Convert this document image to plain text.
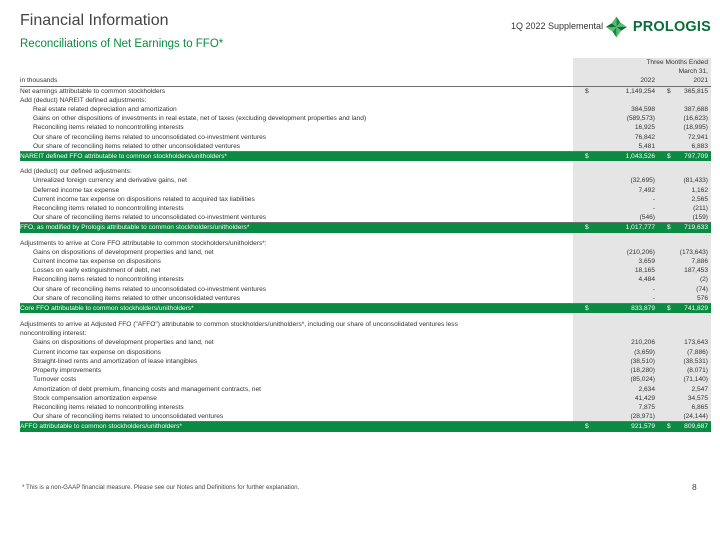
Financial Information
Reconciliations of Net Earnings to FFO*
1Q 2022 Supplemental PROLOGIS
	Three Months Ended		
	March 31,		
in thousands	2022		2021
Net earnings attributable to common stockholders	$ 1,149,254		$ 365,815

Add (deduct) NAREIT defined adjustments:			
Real estate related depreciation and amortization	384,598		387,688
Gains on other dispositions of investments in real estate, net of taxes (excluding development properties and land)	(589,573)		(16,623)
Reconciling items related to noncontrolling interests	16,925		(18,995)
Our share of reconciling items related to unconsolidated co-investment ventures	76,842		72,941
Our share of reconciling items related to other unconsolidated ventures	5,481		6,883
NAREIT defined FFO attributable to common stockholders/unitholders*	$ 1,043,526		$ 797,709

Add (deduct) our defined adjustments:			
Unrealized foreign currency and derivative gains, net	(32,695)		(81,433)
Deferred income tax expense	7,492		1,162
Current income tax expense on dispositions related to acquired tax liabilities	-		2,565
Reconciling items related to noncontrolling interests	-		(211)
Our share of reconciling items related to unconsolidated co-investment ventures	(546)		(159)
FFO, as modified by Prologis attributable to common stockholders/unitholders*	$ 1,017,777		$ 719,633

Adjustments to arrive at Core FFO attributable to common stockholders/unitholders*:			
Gains on dispositions of development properties and land, net	(210,206)		(173,643)
Current income tax expense on dispositions	3,659		7,886
Losses on early extinguishment of debt, net	18,165		187,453
Reconciling items related to noncontrolling interests	4,484		(2)
Our share of reconciling items related to unconsolidated co-investment ventures	-		(74)
Our share of reconciling items related to other unconsolidated ventures	-		576
Core FFO attributable to common stockholders/unitholders*	$ 833,879		$ 741,829

Adjustments to arrive at Adjusted FFO ("AFFO") attributable to common stockholders/unitholders*, including our share of unconsolidated ventures less			
noncontrolling interest:			
Gains on dispositions of development properties and land, net	210,206		173,643
Current income tax expense on dispositions	(3,659)		(7,886)
Straight-lined rents and amortization of lease intangibles	(38,510)		(38,531)
Property improvements	(18,280)		(8,071)
Turnover costs	(85,024)		(71,140)
Amortization of debt premium, financing costs and management contracts, net	2,634		2,547
Stock compensation amortization expense	41,429		34,575
Reconciling items related to noncontrolling interests	7,875		6,865
Our share of reconciling items related to unconsolidated ventures	(28,971)		(24,144)
AFFO attributable to common stockholders/unitholders*	$ 921,579		$ 809,687
* This is a non-GAAP financial measure. Please see our Notes and Definitions for further explanation.	8
